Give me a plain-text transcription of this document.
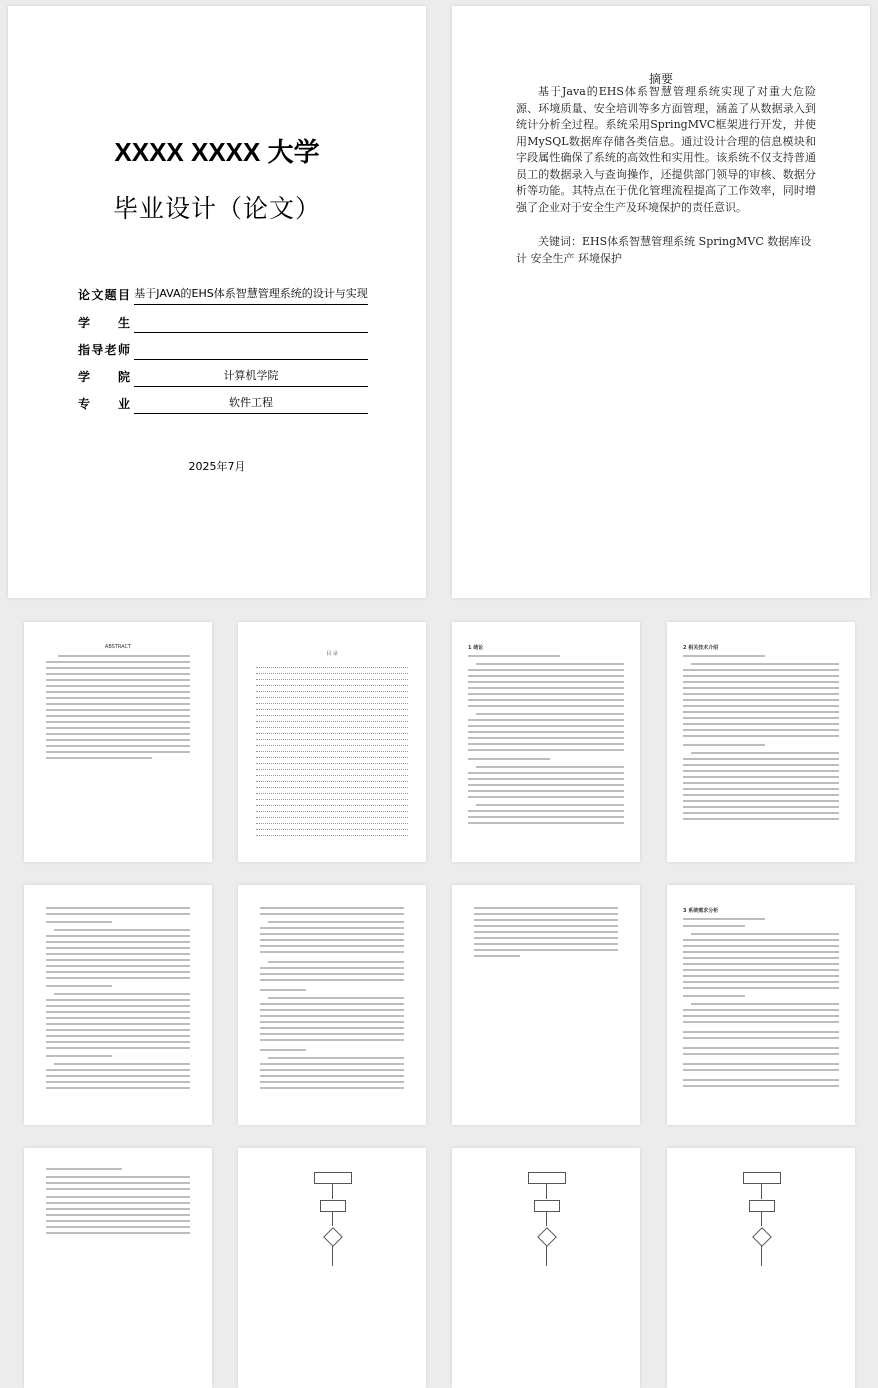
XXXX XXXX 大学
毕业设计（论文）
论文题目 基于JAVA的EHS体系智慧管理系统的设计与实现
学生
指导老师
学院	计算机学院
专业	软件工程
2025年7月
摘要
基于Java的EHS体系智慧管理系统实现了对重大危险源、环境质量、安全培训等多方面管理，涵盖了从数据录入到统计分析全过程。系统采用SpringMVC框架进行开发，并使用MySQL数据库存储各类信息。通过设计合理的信息模块和字段属性确保了系统的高效性和实用性。该系统不仅支持普通员工的数据录入与查询操作，还提供部门领导的审核、数据分析等功能。其特点在于优化管理流程提高了工作效率，同时增强了企业对于安全生产及环境保护的责任意识。
关键词：EHS体系智慧管理系统 SpringMVC 数据库设计 安全生产 环境保护
ABSTRACT
目 录
1 绪论	2 相关技术介绍
3 系统需求分析
